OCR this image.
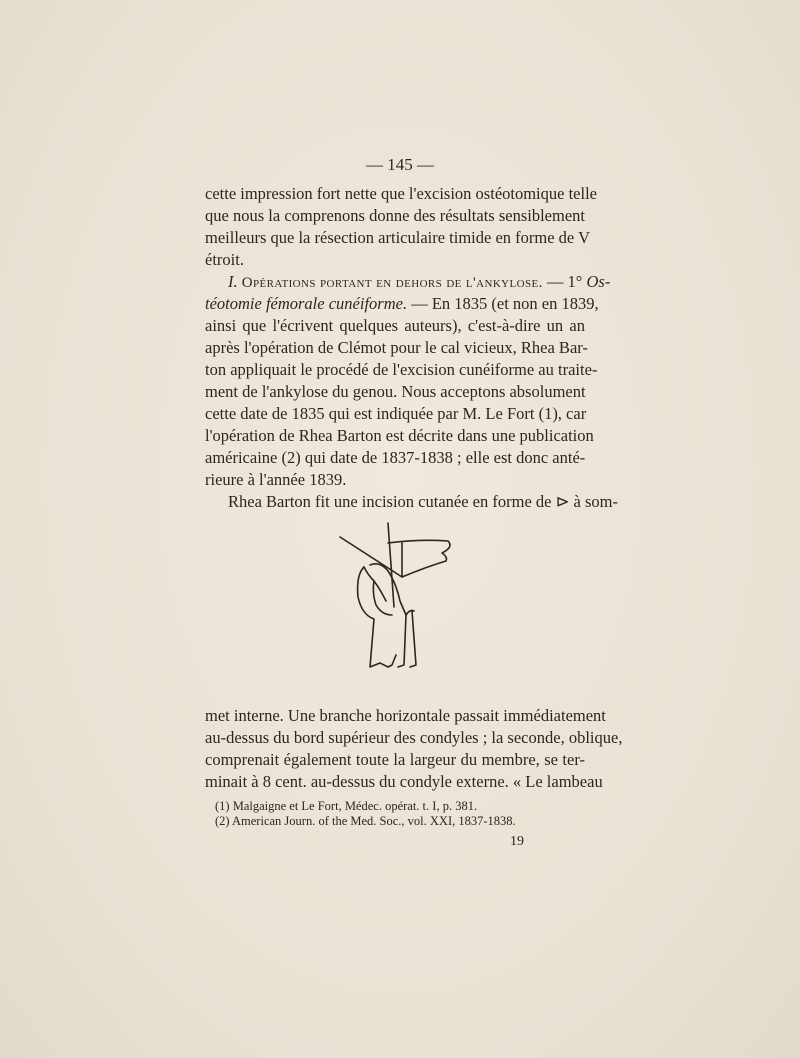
— 145 —
cette impression fort nette que l'excision ostéotomique telle
que nous la comprenons donne des résultats sensiblement
meilleurs que la résection articulaire timide en forme de V
étroit.
I. Opérations portant en dehors de l'ankylose. — 1° Os-
téotomie fémorale cunéiforme. — En 1835 (et non en 1839,
ainsi que l'écrivent quelques auteurs), c'est-à-dire un an
après l'opération de Clémot pour le cal vicieux, Rhea Bar-
ton appliquait le procédé de l'excision cunéiforme au traite-
ment de l'ankylose du genou. Nous acceptons absolument
cette date de 1835 qui est indiquée par M. Le Fort (1), car
l'opération de Rhea Barton est décrite dans une publication
américaine (2) qui date de 1837-1838 ; elle est donc anté-
rieure à l'année 1839.
Rhea Barton fit une incision cutanée en forme de ⊳ à som-
met interne. Une branche horizontale passait immédiatement
au-dessus du bord supérieur des condyles ; la seconde, oblique,
comprenait également toute la largeur du membre, se ter-
minait à 8 cent. au-dessus du condyle externe. « Le lambeau
(1) Malgaigne et Le Fort, Médec. opérat. t. I, p. 381.
(2) American Journ. of the Med. Soc., vol. XXI, 1837-1838.
19
